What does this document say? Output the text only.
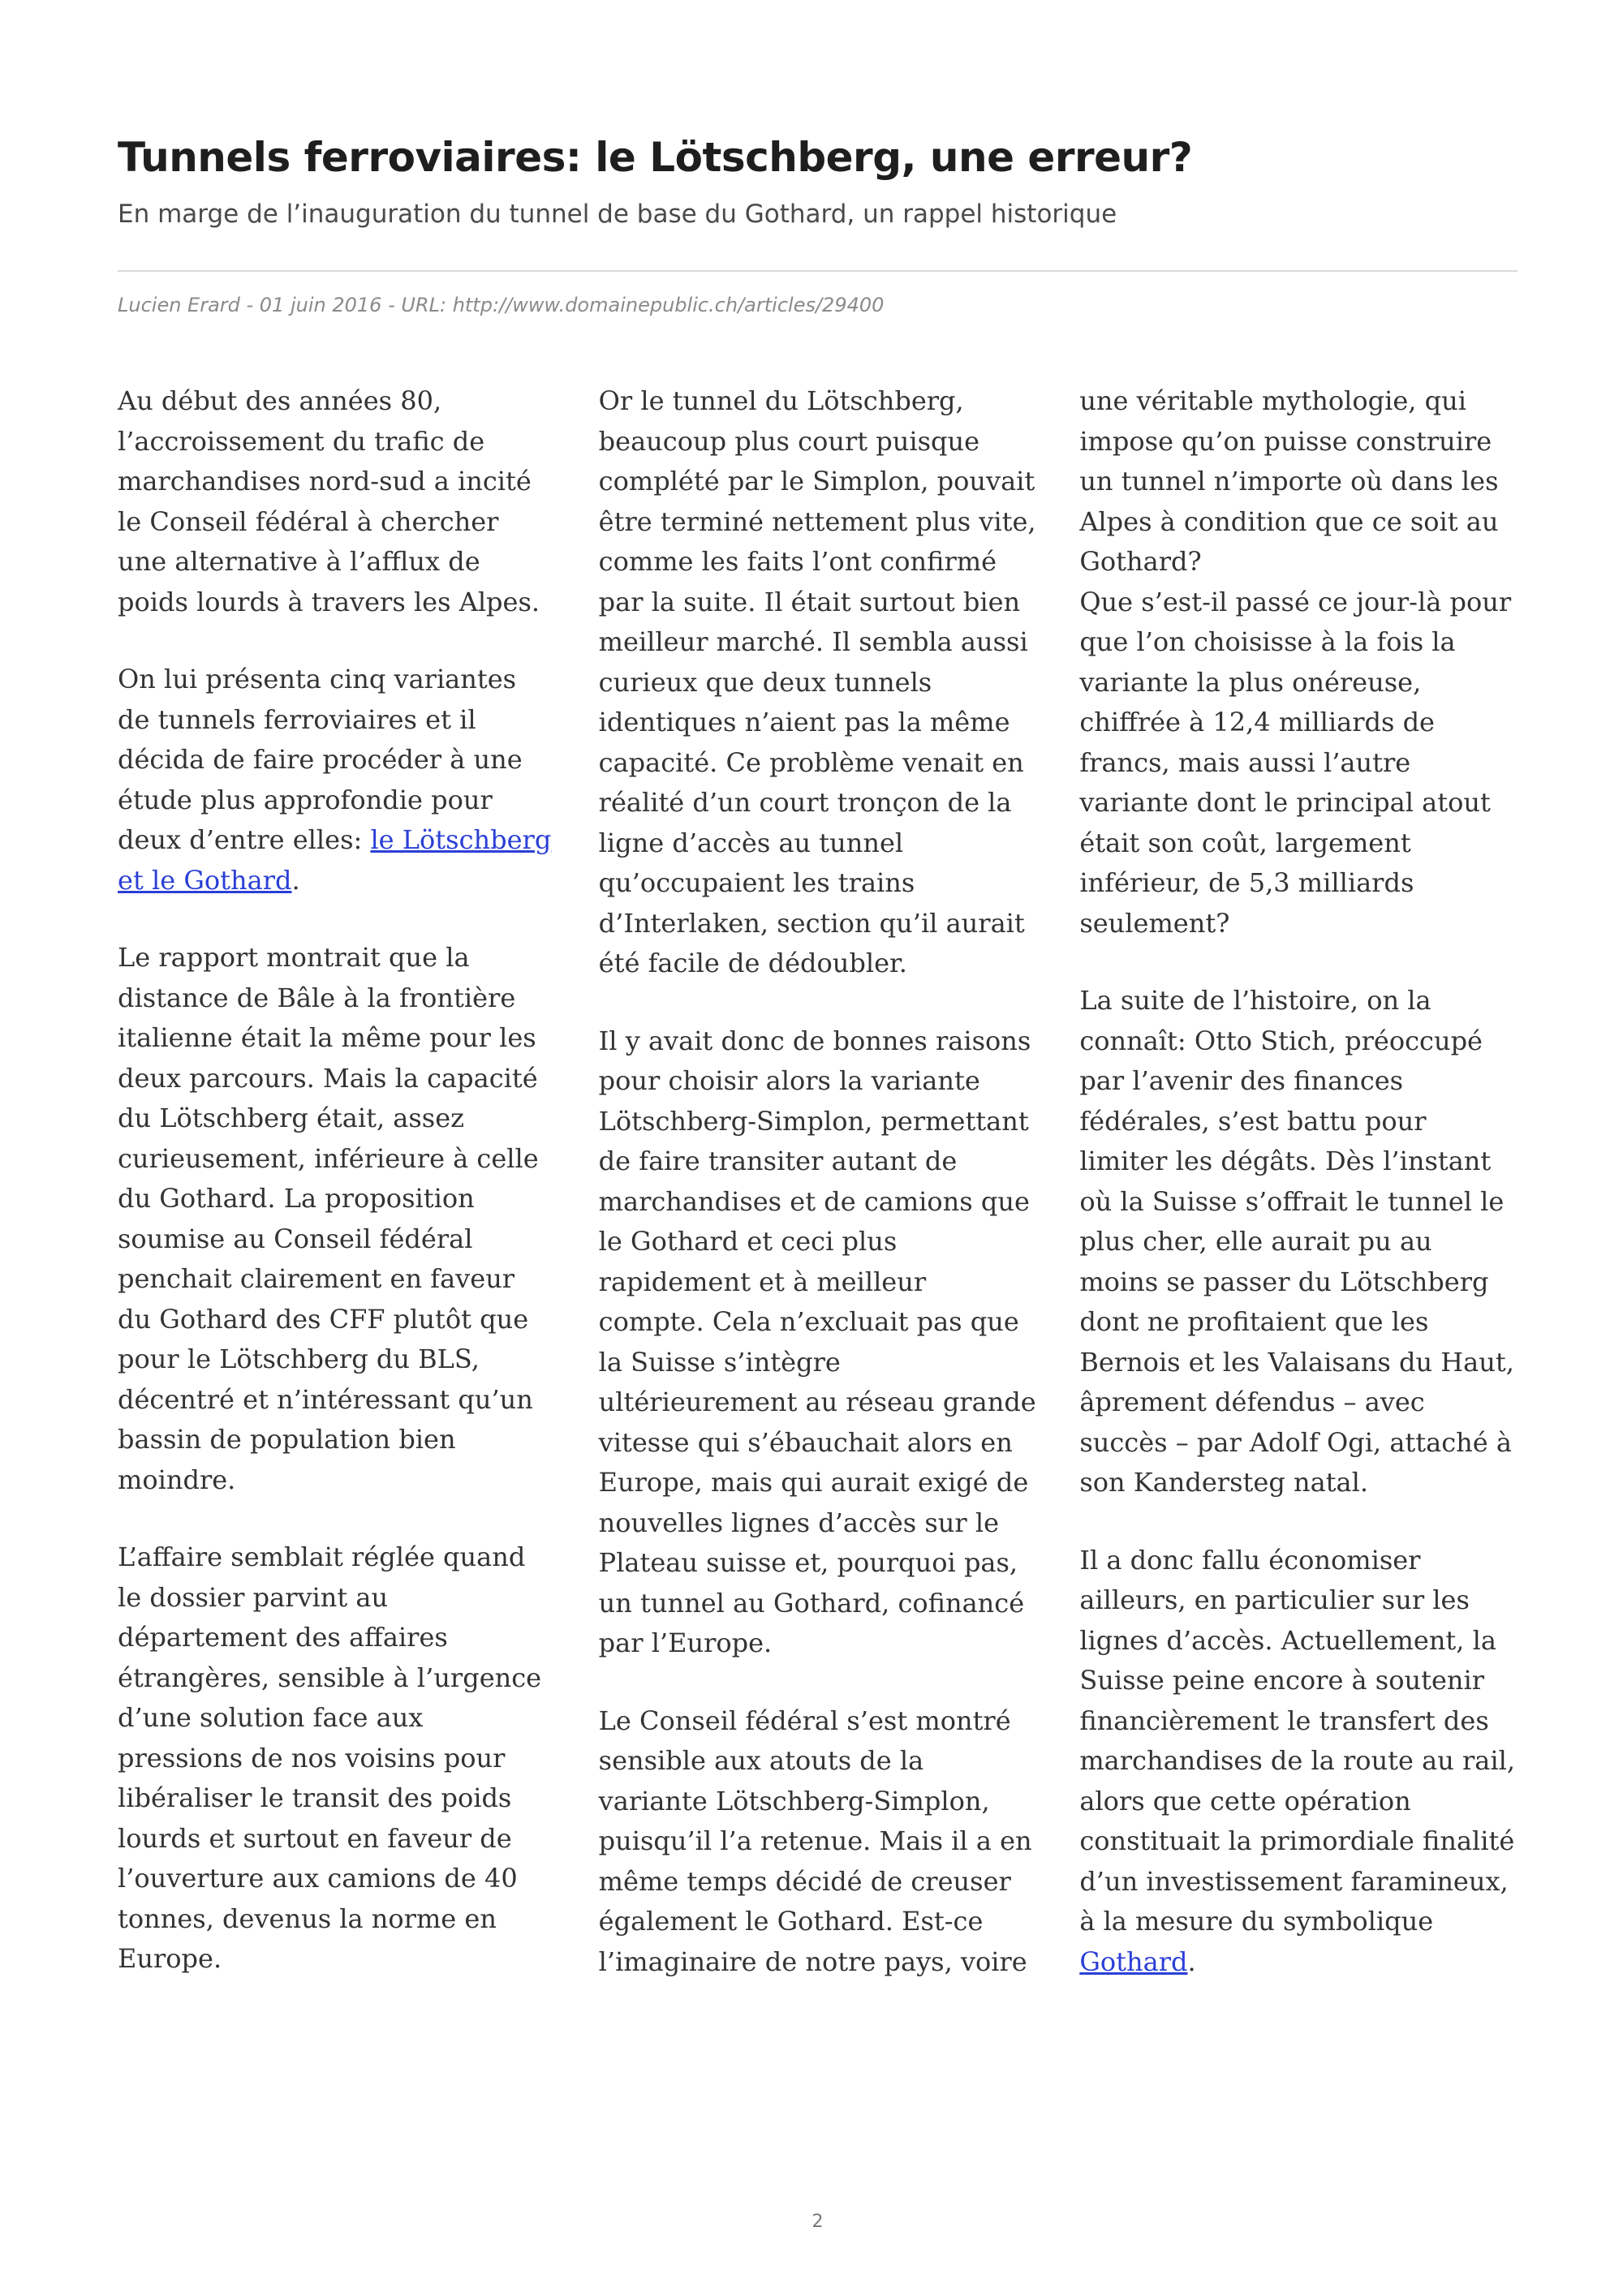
Tunnels ferroviaires: le Lötschberg, une erreur?

En marge de l’inauguration du tunnel de base du Gothard, un rappel historique

Lucien Erard - 01 juin 2016 - URL: http://www.domainepublic.ch/articles/29400

Au début des années 80, l’accroissement du trafic de marchandises nord-sud a incité le Conseil fédéral à chercher une alternative à l’afflux de poids lourds à travers les Alpes.

On lui présenta cinq variantes de tunnels ferroviaires et il décida de faire procéder à une étude plus approfondie pour deux d’entre elles: le Lötschberg et le Gothard.

Le rapport montrait que la distance de Bâle à la frontière italienne était la même pour les deux parcours. Mais la capacité du Lötschberg était, assez curieusement, inférieure à celle du Gothard. La proposition soumise au Conseil fédéral penchait clairement en faveur du Gothard des CFF plutôt que pour le Lötschberg du BLS, décentré et n’intéressant qu’un bassin de population bien moindre.

L’affaire semblait réglée quand le dossier parvint au département des affaires étrangères, sensible à l’urgence d’une solution face aux pressions de nos voisins pour libéraliser le transit des poids lourds et surtout en faveur de l’ouverture aux camions de 40 tonnes, devenus la norme en Europe.

Or le tunnel du Lötschberg, beaucoup plus court puisque complété par le Simplon, pouvait être terminé nettement plus vite, comme les faits l’ont confirmé par la suite. Il était surtout bien meilleur marché. Il sembla aussi curieux que deux tunnels identiques n’aient pas la même capacité. Ce problème venait en réalité d’un court tronçon de la ligne d’accès au tunnel qu’occupaient les trains d’Interlaken, section qu’il aurait été facile de dédoubler.

Il y avait donc de bonnes raisons pour choisir alors la variante Lötschberg-Simplon, permettant de faire transiter autant de marchandises et de camions que le Gothard et ceci plus rapidement et à meilleur compte. Cela n’excluait pas que la Suisse s’intègre ultérieurement au réseau grande vitesse qui s’ébauchait alors en Europe, mais qui aurait exigé de nouvelles lignes d’accès sur le Plateau suisse et, pourquoi pas, un tunnel au Gothard, cofinancé par l’Europe.

Le Conseil fédéral s’est montré sensible aux atouts de la variante Lötschberg-Simplon, puisqu’il l’a retenue. Mais il a en même temps décidé de creuser également le Gothard. Est-ce l’imaginaire de notre pays, voire une véritable mythologie, qui impose qu’on puisse construire un tunnel n’importe où dans les Alpes à condition que ce soit au Gothard?

Que s’est-il passé ce jour-là pour que l’on choisisse à la fois la variante la plus onéreuse, chiffrée à 12,4 milliards de francs, mais aussi l’autre variante dont le principal atout était son coût, largement inférieur, de 5,3 milliards seulement?

La suite de l’histoire, on la connaît: Otto Stich, préoccupé par l’avenir des finances fédérales, s’est battu pour limiter les dégâts. Dès l’instant où la Suisse s’offrait le tunnel le plus cher, elle aurait pu au moins se passer du Lötschberg dont ne profitaient que les Bernois et les Valaisans du Haut, âprement défendus – avec succès – par Adolf Ogi, attaché à son Kandersteg natal.

Il a donc fallu économiser ailleurs, en particulier sur les lignes d’accès. Actuellement, la Suisse peine encore à soutenir financièrement le transfert des marchandises de la route au rail, alors que cette opération constituait la primordiale finalité d’un investissement faramineux, à la mesure du symbolique Gothard.

2
